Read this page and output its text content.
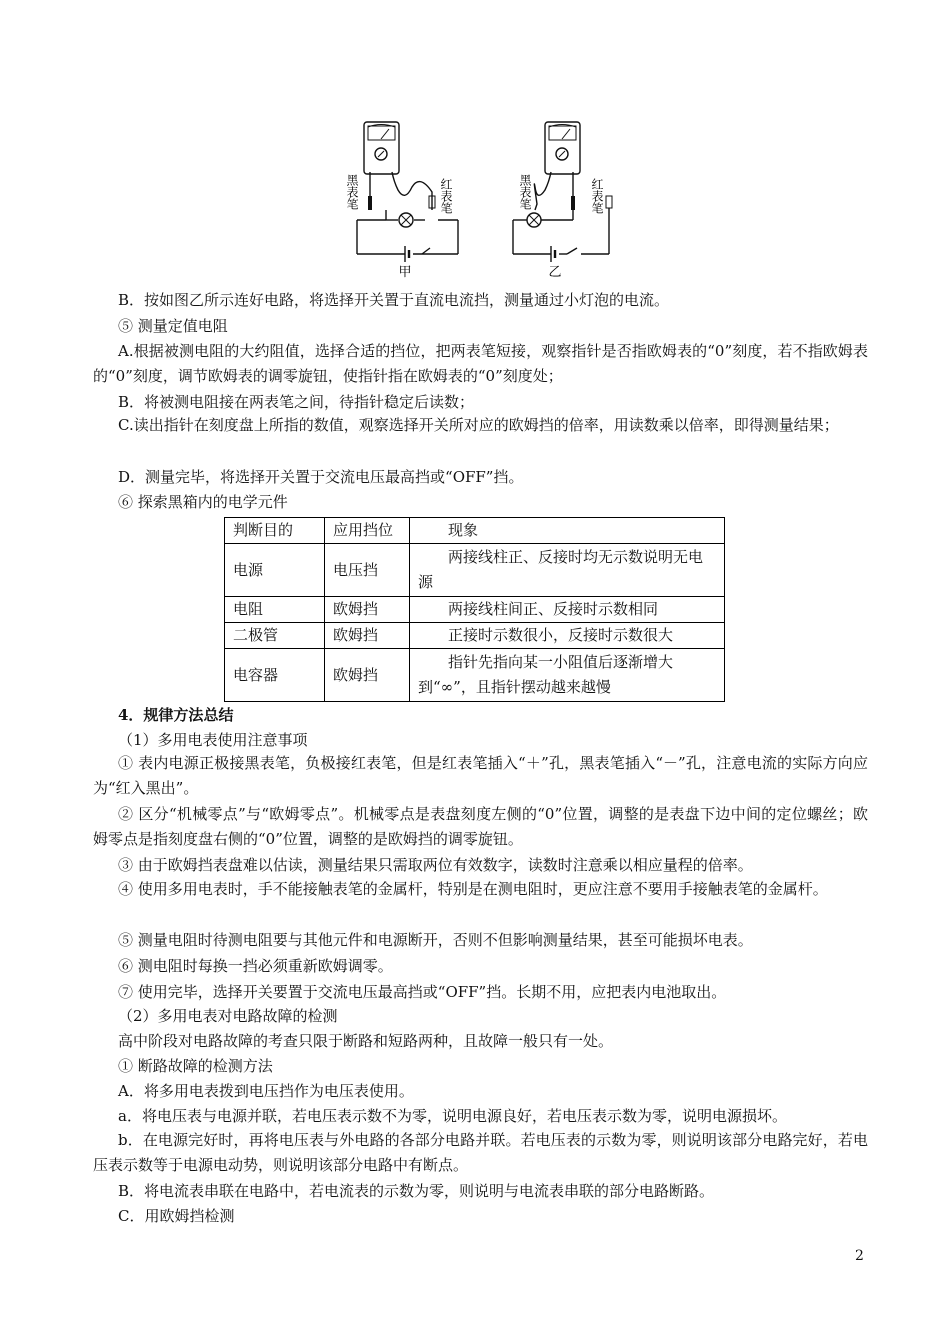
黑表笔	红表笔
甲
黑表笔	红表笔
乙
B．按如图乙所示连好电路，将选择开关置于直流电流挡，测量通过小灯泡的电流。
⑤ 测量定值电阻
A.根据被测电阻的大约阻值，选择合适的挡位，把两表笔短接，观察指针是否指欧姆表的“0”刻度，若不指欧姆表的“0”刻度，调节欧姆表的调零旋钮，使指针指在欧姆表的“0”刻度处；
B．将被测电阻接在两表笔之间，待指针稳定后读数；
C.读出指针在刻度盘上所指的数值，观察选择开关所对应的欧姆挡的倍率，用读数乘以倍率，即得测量结果；
D．测量完毕，将选择开关置于交流电压最高挡或“OFF”挡。
⑥ 探索黑箱内的电学元件
判断目的	应用挡位	现象
电源	电压挡	两接线柱正、反接时均无示数说明无电源
电阻	欧姆挡	两接线柱间正、反接时示数相同
二极管	欧姆挡	正接时示数很小，反接时示数很大
电容器	欧姆挡	指针先指向某一小阻值后逐渐增大到“∞”，且指针摆动越来越慢
4．规律方法总结
（1）多用电表使用注意事项
① 表内电源正极接黑表笔，负极接红表笔，但是红表笔插入“＋”孔，黑表笔插入“－”孔，注意电流的实际方向应为“红入黑出”。
② 区分“机械零点”与“欧姆零点”。机械零点是表盘刻度左侧的“0”位置，调整的是表盘下边中间的定位螺丝；欧姆零点是指刻度盘右侧的“0”位置，调整的是欧姆挡的调零旋钮。
③ 由于欧姆挡表盘难以估读，测量结果只需取两位有效数字，读数时注意乘以相应量程的倍率。
④ 使用多用电表时，手不能接触表笔的金属杆，特别是在测电阻时，更应注意不要用手接触表笔的金属杆。
⑤ 测量电阻时待测电阻要与其他元件和电源断开，否则不但影响测量结果，甚至可能损坏电表。
⑥ 测电阻时每换一挡必须重新欧姆调零。
⑦ 使用完毕，选择开关要置于交流电压最高挡或“OFF”挡。长期不用，应把表内电池取出。
（2）多用电表对电路故障的检测
高中阶段对电路故障的考查只限于断路和短路两种，且故障一般只有一处。
① 断路故障的检测方法
A．将多用电表拨到电压挡作为电压表使用。
a．将电压表与电源并联，若电压表示数不为零，说明电源良好，若电压表示数为零，说明电源损坏。
b．在电源完好时，再将电压表与外电路的各部分电路并联。若电压表的示数为零，则说明该部分电路完好，若电压表示数等于电源电动势，则说明该部分电路中有断点。
B．将电流表串联在电路中，若电流表的示数为零，则说明与电流表串联的部分电路断路。
C．用欧姆挡检测
2
